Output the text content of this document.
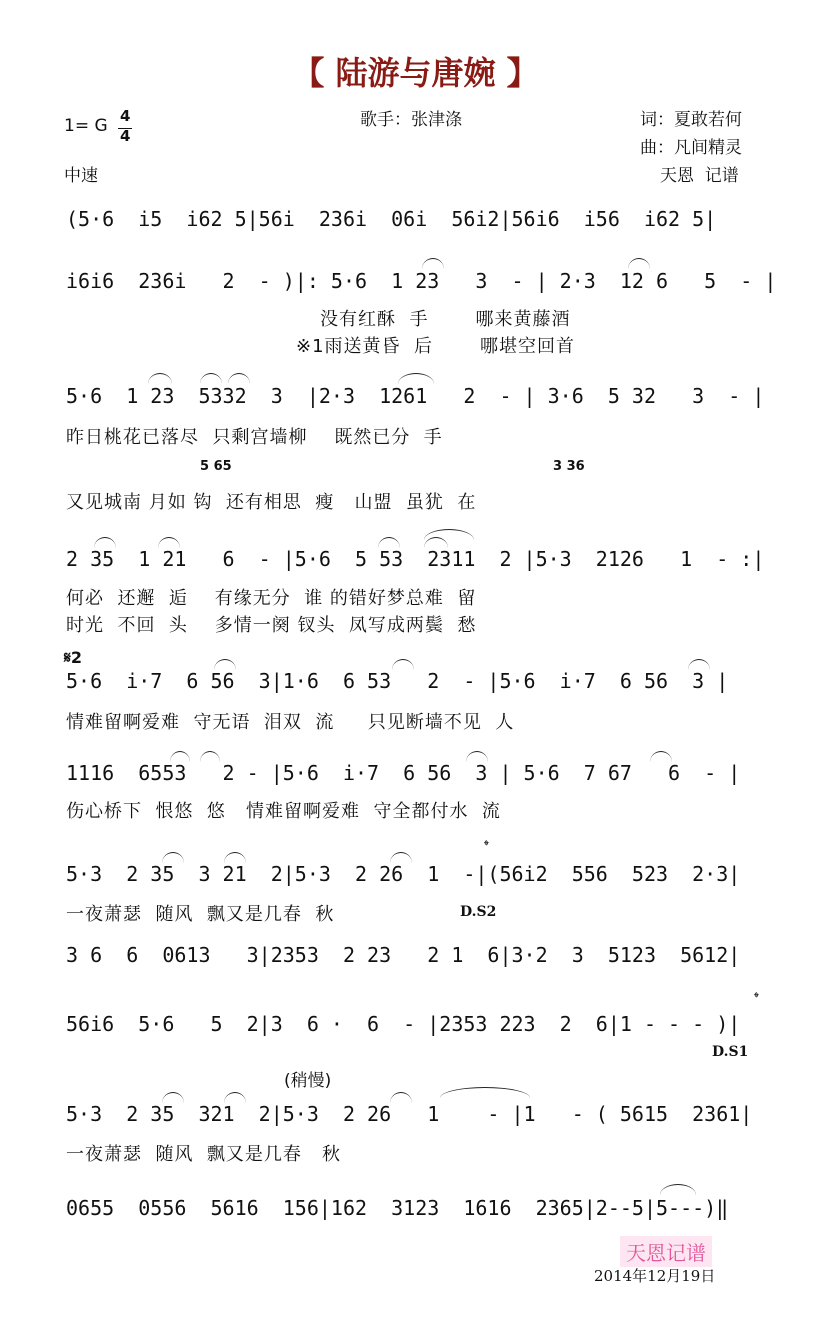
【 陆游与唐婉 】
1= G 4
4
中速
歌手：张津涤	词：夏敢若何
曲：凡间精灵
天恩  记谱
(5·6  i5  i62 5|56i  236i  06i  56i2|56i6  i56  i62 5|
i6i6  236i   2  - )|: 5·6  1 23   3  - | 2·3  12 6   5  - |
没有红酥  手       哪来黄藤酒
※1雨送黄昏  后       哪堪空回首
5·6  1 23  5332  3  |2·3  1261   2  - | 3·6  5 32   3  - |
昨日桃花已落尽  只剩宫墙柳    既然已分  手
5 65	3 36
又见城南 月如 钩  还有相思  瘦   山盟  虽犹  在
2 35  1 21   6  - |5·6  5 53  2311  2 |5·3  2126   1  - :|
何必  还邂  逅    有缘无分  谁 的错好梦总难  留
时光  不回  头    多情一阕 钗头  凤写成两鬓  愁
𝄋2
5·6  i·7  6 56  3|1·6  6 53   2  - |5·6  i·7  6 56  3 |
情难留啊爱难  守无语  泪双  流     只见断墙不见  人
1116  6553   2 - |5·6  i·7  6 56  3 | 5·6  7 67   6  - |
伤心桥下  恨悠  悠   情难留啊爱难  守全都付水  流
5·3  2 35  3 21  2|5·3  2 26  1  -|(56i2  556  523  2·3|
𝄌
一夜萧瑟  随风  飘又是几春  秋	D.S2
3 6  6  0613   3|2353  2 23   2 1  6|3·2  3  5123  5612|
56i6  5·6   5  2|3  6 ·  6  - |2353 223  2  6|1 - - - )|
𝄌
D.S1
(稍慢)
5·3  2 35  321  2|5·3  2 26   1    - |1   - ( 5615  2361|
一夜萧瑟  随风  飘又是几春   秋
0655  0556  5616  156|162  3123  1616  2365|2--5|5---)‖
天恩记谱
2014年12月19日
